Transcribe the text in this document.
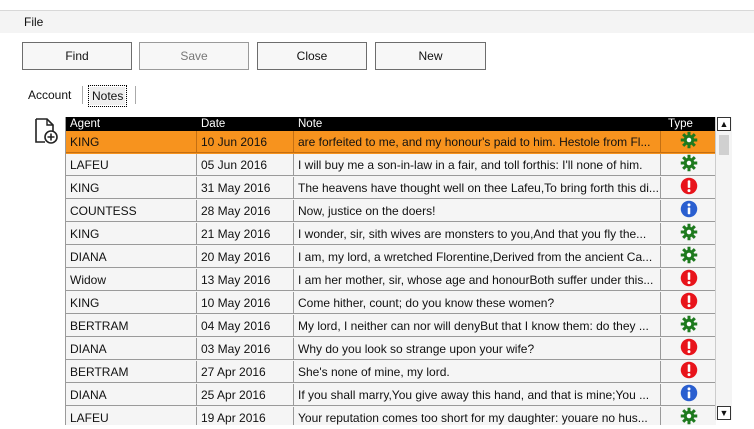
File
Find	Save	Close	New
Account	Notes
Agent	Date	Note	Type
KING	10 Jun 2016	are forfeited to me, and my honour's paid to him. Hestole from Fl...
LAFEU	05 Jun 2016	I will buy me a son-in-law in a fair, and toll forthis: I'll none of him.
KING	31 May 2016	The heavens have thought well on thee Lafeu,To bring forth this di...
COUNTESS	28 May 2016	Now, justice on the doers!
KING	21 May 2016	I wonder, sir, sith wives are monsters to you,And that you fly the...
DIANA	20 May 2016	I am, my lord, a wretched Florentine,Derived from the ancient Ca...
Widow	13 May 2016	I am her mother, sir, whose age and honourBoth suffer under this...
KING	10 May 2016	Come hither, count; do you know these women?
BERTRAM	04 May 2016	My lord, I neither can nor will denyBut that I know them: do they ...
DIANA	03 May 2016	Why do you look so strange upon your wife?
BERTRAM	27 Apr 2016	She's none of mine, my lord.
DIANA	25 Apr 2016	If you shall marry,You give away this hand, and that is mine;You ...
LAFEU	19 Apr 2016	Your reputation comes too short for my daughter: youare no hus...
▲
▼
